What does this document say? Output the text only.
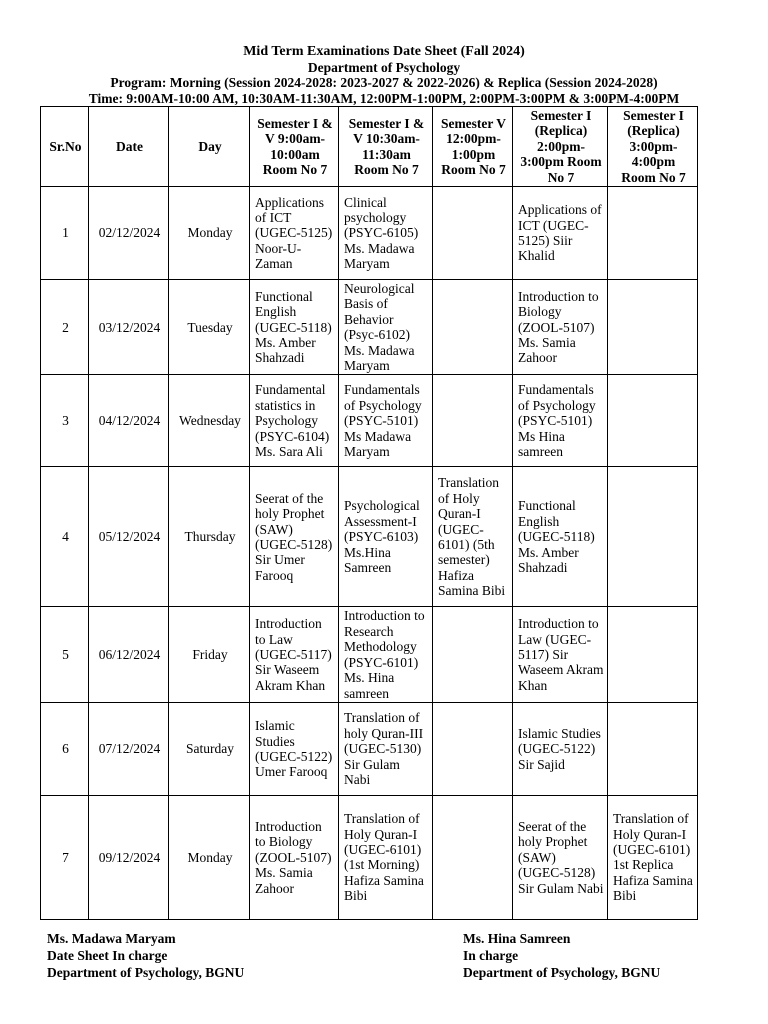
Mid Term Examinations Date Sheet (Fall 2024)
Department of Psychology
Program: Morning (Session 2024-2028: 2023-2027 & 2022-2026) & Replica (Session 2024-2028)
Time: 9:00AM-10:00 AM, 10:30AM-11:30AM, 12:00PM-1:00PM, 2:00PM-3:00PM & 3:00PM-4:00PM
Sr.No	Date	Day	Semester I & V 9:00am-10:00am Room No 7	Semester I & V 10:30am-11:30am Room No 7	Semester V 12:00pm-1:00pm Room No 7	Semester I (Replica) 2:00pm-3:00pm Room No 7	Semester I (Replica) 3:00pm-4:00pm Room No 7
1	02/12/2024	Monday	Applications of ICT (UGEC-5125) Noor-U-Zaman	Clinical psychology (PSYC-6105) Ms. Madawa Maryam		Applications of ICT (UGEC-5125) Siir Khalid	
2	03/12/2024	Tuesday	Functional English (UGEC-5118) Ms. Amber Shahzadi	Neurological Basis of Behavior (Psyc-6102) Ms. Madawa Maryam		Introduction to Biology (ZOOL-5107) Ms. Samia Zahoor	
3	04/12/2024	Wednesday	Fundamental statistics in Psychology (PSYC-6104) Ms. Sara Ali	Fundamentals of Psychology (PSYC-5101) Ms Madawa Maryam		Fundamentals of Psychology (PSYC-5101) Ms Hina samreen	
4	05/12/2024	Thursday	Seerat of the holy Prophet (SAW) (UGEC-5128) Sir Umer Farooq	Psychological Assessment-I (PSYC-6103) Ms.Hina Samreen	Translation of Holy Quran-I (UGEC-6101) (5th semester) Hafiza Samina Bibi	Functional English (UGEC-5118) Ms. Amber Shahzadi	
5	06/12/2024	Friday	Introduction to Law (UGEC-5117) Sir Waseem Akram Khan	Introduction to Research Methodology (PSYC-6101) Ms. Hina samreen		Introduction to Law (UGEC-5117) Sir Waseem Akram Khan	
6	07/12/2024	Saturday	Islamic Studies (UGEC-5122) Umer Farooq	Translation of holy Quran-III (UGEC-5130) Sir Gulam Nabi		Islamic Studies (UGEC-5122) Sir Sajid	
7	09/12/2024	Monday	Introduction to Biology (ZOOL-5107) Ms. Samia Zahoor	Translation of Holy Quran-I (UGEC-6101) (1st Morning) Hafiza Samina Bibi		Seerat of the holy Prophet (SAW) (UGEC-5128) Sir Gulam Nabi	Translation of Holy Quran-I (UGEC-6101) 1st Replica Hafiza Samina Bibi
Ms. Madawa Maryam
Date Sheet In charge
Department of Psychology, BGNU
Ms. Hina Samreen
In charge
Department of Psychology, BGNU
